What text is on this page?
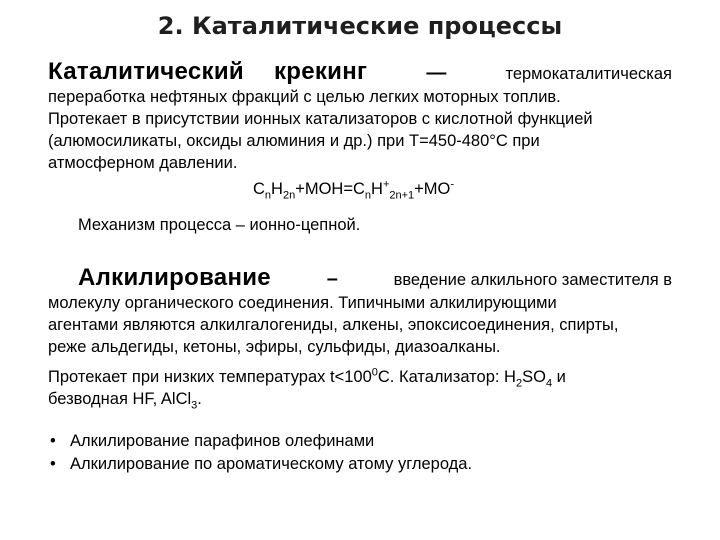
2. Каталитические процессы
Каталитический крекинг	—	термокаталитическая

переработка нефтяных фракций с целью легких моторных топлив.

Протекает в присутствии ионных катализаторов с кислотной функцией

(алюмосиликаты, оксиды алюминия и др.) при Т=450-480°С при

атмосферном давлении.

$C_nH_{2n}+MOH=C_nH^+_{2n+1}+MO^-$
Механизм процесса – ионно-цепной.
Алкилирование	–	введение алкильного заместителя в

молекулу органического соединения. Типичными алкилирующими

агентами являются алкилгалогениды, алкены, эпоксисоединения, спирты,

реже альдегиды, кетоны, эфиры, сульфиды, диазоалканы.

Протекает при низких температурах $t<100^0С$. Катализатор: $H_2SO_4$ и

безводная HF, AlCl$_3$.

• Алкилирование парафинов олефинами
• Алкилирование по ароматическому атому углерода.
